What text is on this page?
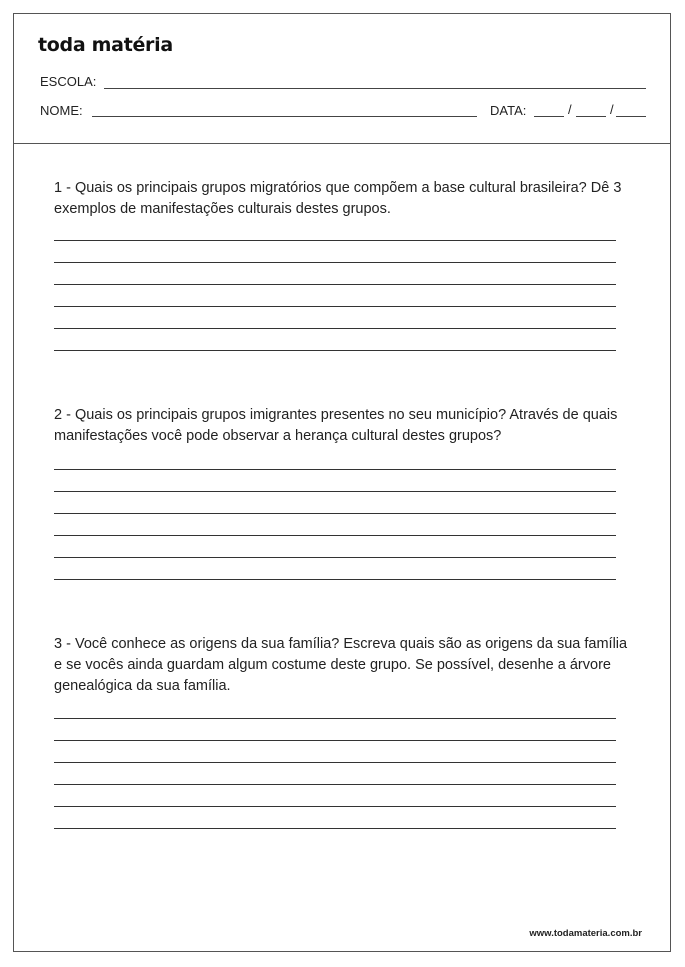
toda matéria
ESCOLA:
NOME:	DATA:	/	/
1 - Quais os principais grupos migratórios que compõem a base cultural brasileira? Dê 3 exemplos de manifestações culturais destes grupos.
2 - Quais os principais grupos imigrantes presentes no seu município? Através de quais manifestações você pode observar a herança cultural destes grupos?
3 - Você conhece as origens da sua família? Escreva quais são as origens da sua família e se vocês ainda guardam algum costume deste grupo. Se possível, desenhe a árvore genealógica da sua família.
www.todamateria.com.br
